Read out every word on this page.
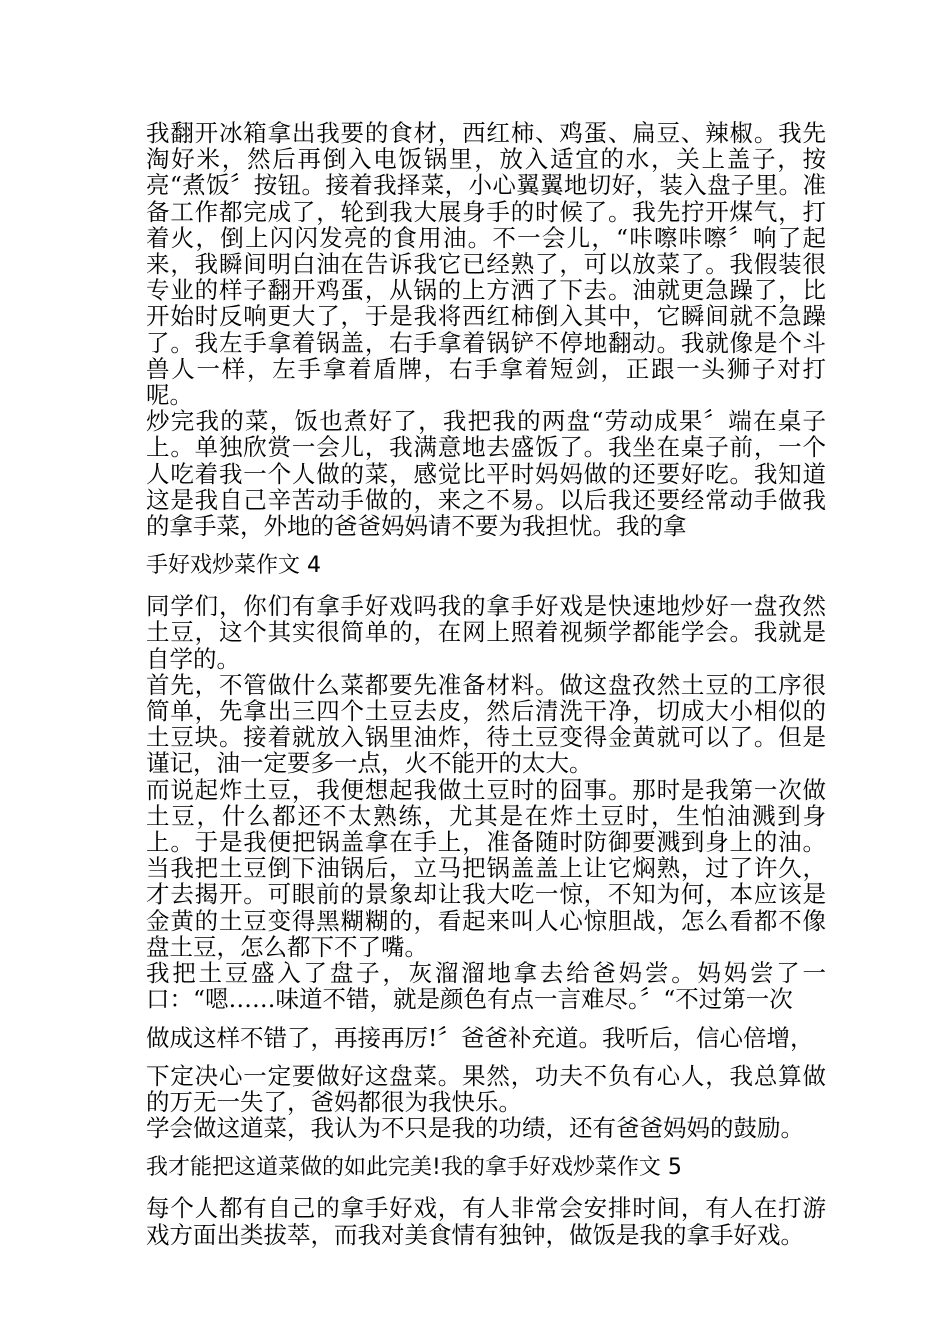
我翻开冰箱拿出我要的食材，西红柿、鸡蛋、扁豆、辣椒。我先淘好米，然后再倒入电饭锅里，放入适宜的水，关上盖子，按亮“煮饭〞按钮。接着我择菜，小心翼翼地切好，装入盘子里。准备工作都完成了，轮到我大展身手的时候了。我先拧开煤气，打着火，倒上闪闪发亮的食用油。不一会儿，“咔嚓咔嚓〞响了起来，我瞬间明白油在告诉我它已经熟了，可以放菜了。我假装很专业的样子翻开鸡蛋，从锅的上方洒了下去。油就更急躁了，比开始时反响更大了，于是我将西红柿倒入其中，它瞬间就不急躁了。我左手拿着锅盖，右手拿着锅铲不停地翻动。我就像是个斗兽人一样，左手拿着盾牌，右手拿着短剑，正跟一头狮子对打呢。

炒完我的菜，饭也煮好了，我把我的两盘“劳动成果〞端在桌子上。单独欣赏一会儿，我满意地去盛饭了。我坐在桌子前，一个人吃着我一个人做的菜，感觉比平时妈妈做的还要好吃。我知道这是我自己辛苦动手做的，来之不易。以后我还要经常动手做我的拿手菜，外地的爸爸妈妈请不要为我担忧。我的拿

手好戏炒菜作文 4

同学们，你们有拿手好戏吗我的拿手好戏是快速地炒好一盘孜然土豆，这个其实很简单的，在网上照着视频学都能学会。我就是自学的。

首先，不管做什么菜都要先准备材料。做这盘孜然土豆的工序很简单，先拿出三四个土豆去皮，然后清洗干净，切成大小相似的土豆块。接着就放入锅里油炸，待土豆变得金黄就可以了。但是谨记，油一定要多一点，火不能开的太大。

而说起炸土豆，我便想起我做土豆时的囧事。那时是我第一次做土豆，什么都还不太熟练，尤其是在炸土豆时，生怕油溅到身上。于是我便把锅盖拿在手上，准备随时防御要溅到身上的油。当我把土豆倒下油锅后，立马把锅盖盖上让它焖熟，过了许久，才去揭开。可眼前的景象却让我大吃一惊，不知为何，本应该是金黄的土豆变得黑糊糊的，看起来叫人心惊胆战，怎么看都不像盘土豆，怎么都下不了嘴。

我把土豆盛入了盘子，灰溜溜地拿去给爸妈尝。妈妈尝了一口：“嗯……味道不错，就是颜色有点一言难尽。〞“不过第一次

做成这样不错了，再接再厉!〞爸爸补充道。我听后，信心倍增，

下定决心一定要做好这盘菜。果然，功夫不负有心人，我总算做的万无一失了，爸妈都很为我快乐。

学会做这道菜，我认为不只是我的功绩，还有爸爸妈妈的鼓励。

我才能把这道菜做的如此完美!我的拿手好戏炒菜作文 5

每个人都有自己的拿手好戏，有人非常会安排时间，有人在打游戏方面出类拔萃，而我对美食情有独钟，做饭是我的拿手好戏。
